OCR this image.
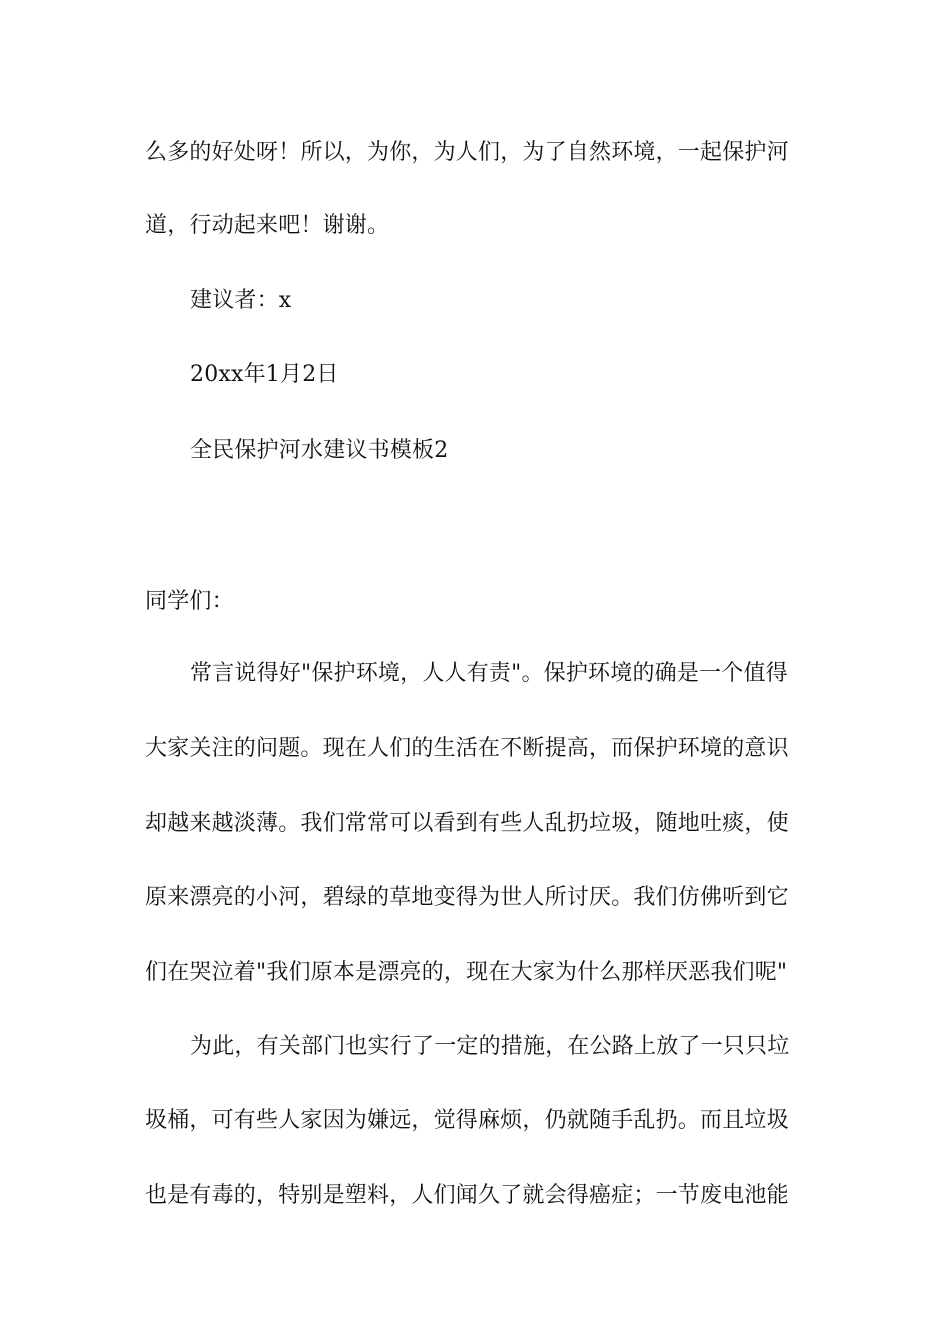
么多的好处呀！所以，为你，为人们，为了自然环境，一起保护河
道，行动起来吧！谢谢。
建议者：x
20xx年1月2日
全民保护河水建议书模板2
同学们：
常言说得好"保护环境，人人有责"。保护环境的确是一个值得
大家关注的问题。现在人们的生活在不断提高，而保护环境的意识
却越来越淡薄。我们常常可以看到有些人乱扔垃圾，随地吐痰，使
原来漂亮的小河，碧绿的草地变得为世人所讨厌。我们仿佛听到它
们在哭泣着"我们原本是漂亮的，现在大家为什么那样厌恶我们呢"
为此，有关部门也实行了一定的措施，在公路上放了一只只垃
圾桶，可有些人家因为嫌远，觉得麻烦，仍就随手乱扔。而且垃圾
也是有毒的，特别是塑料，人们闻久了就会得癌症；一节废电池能
